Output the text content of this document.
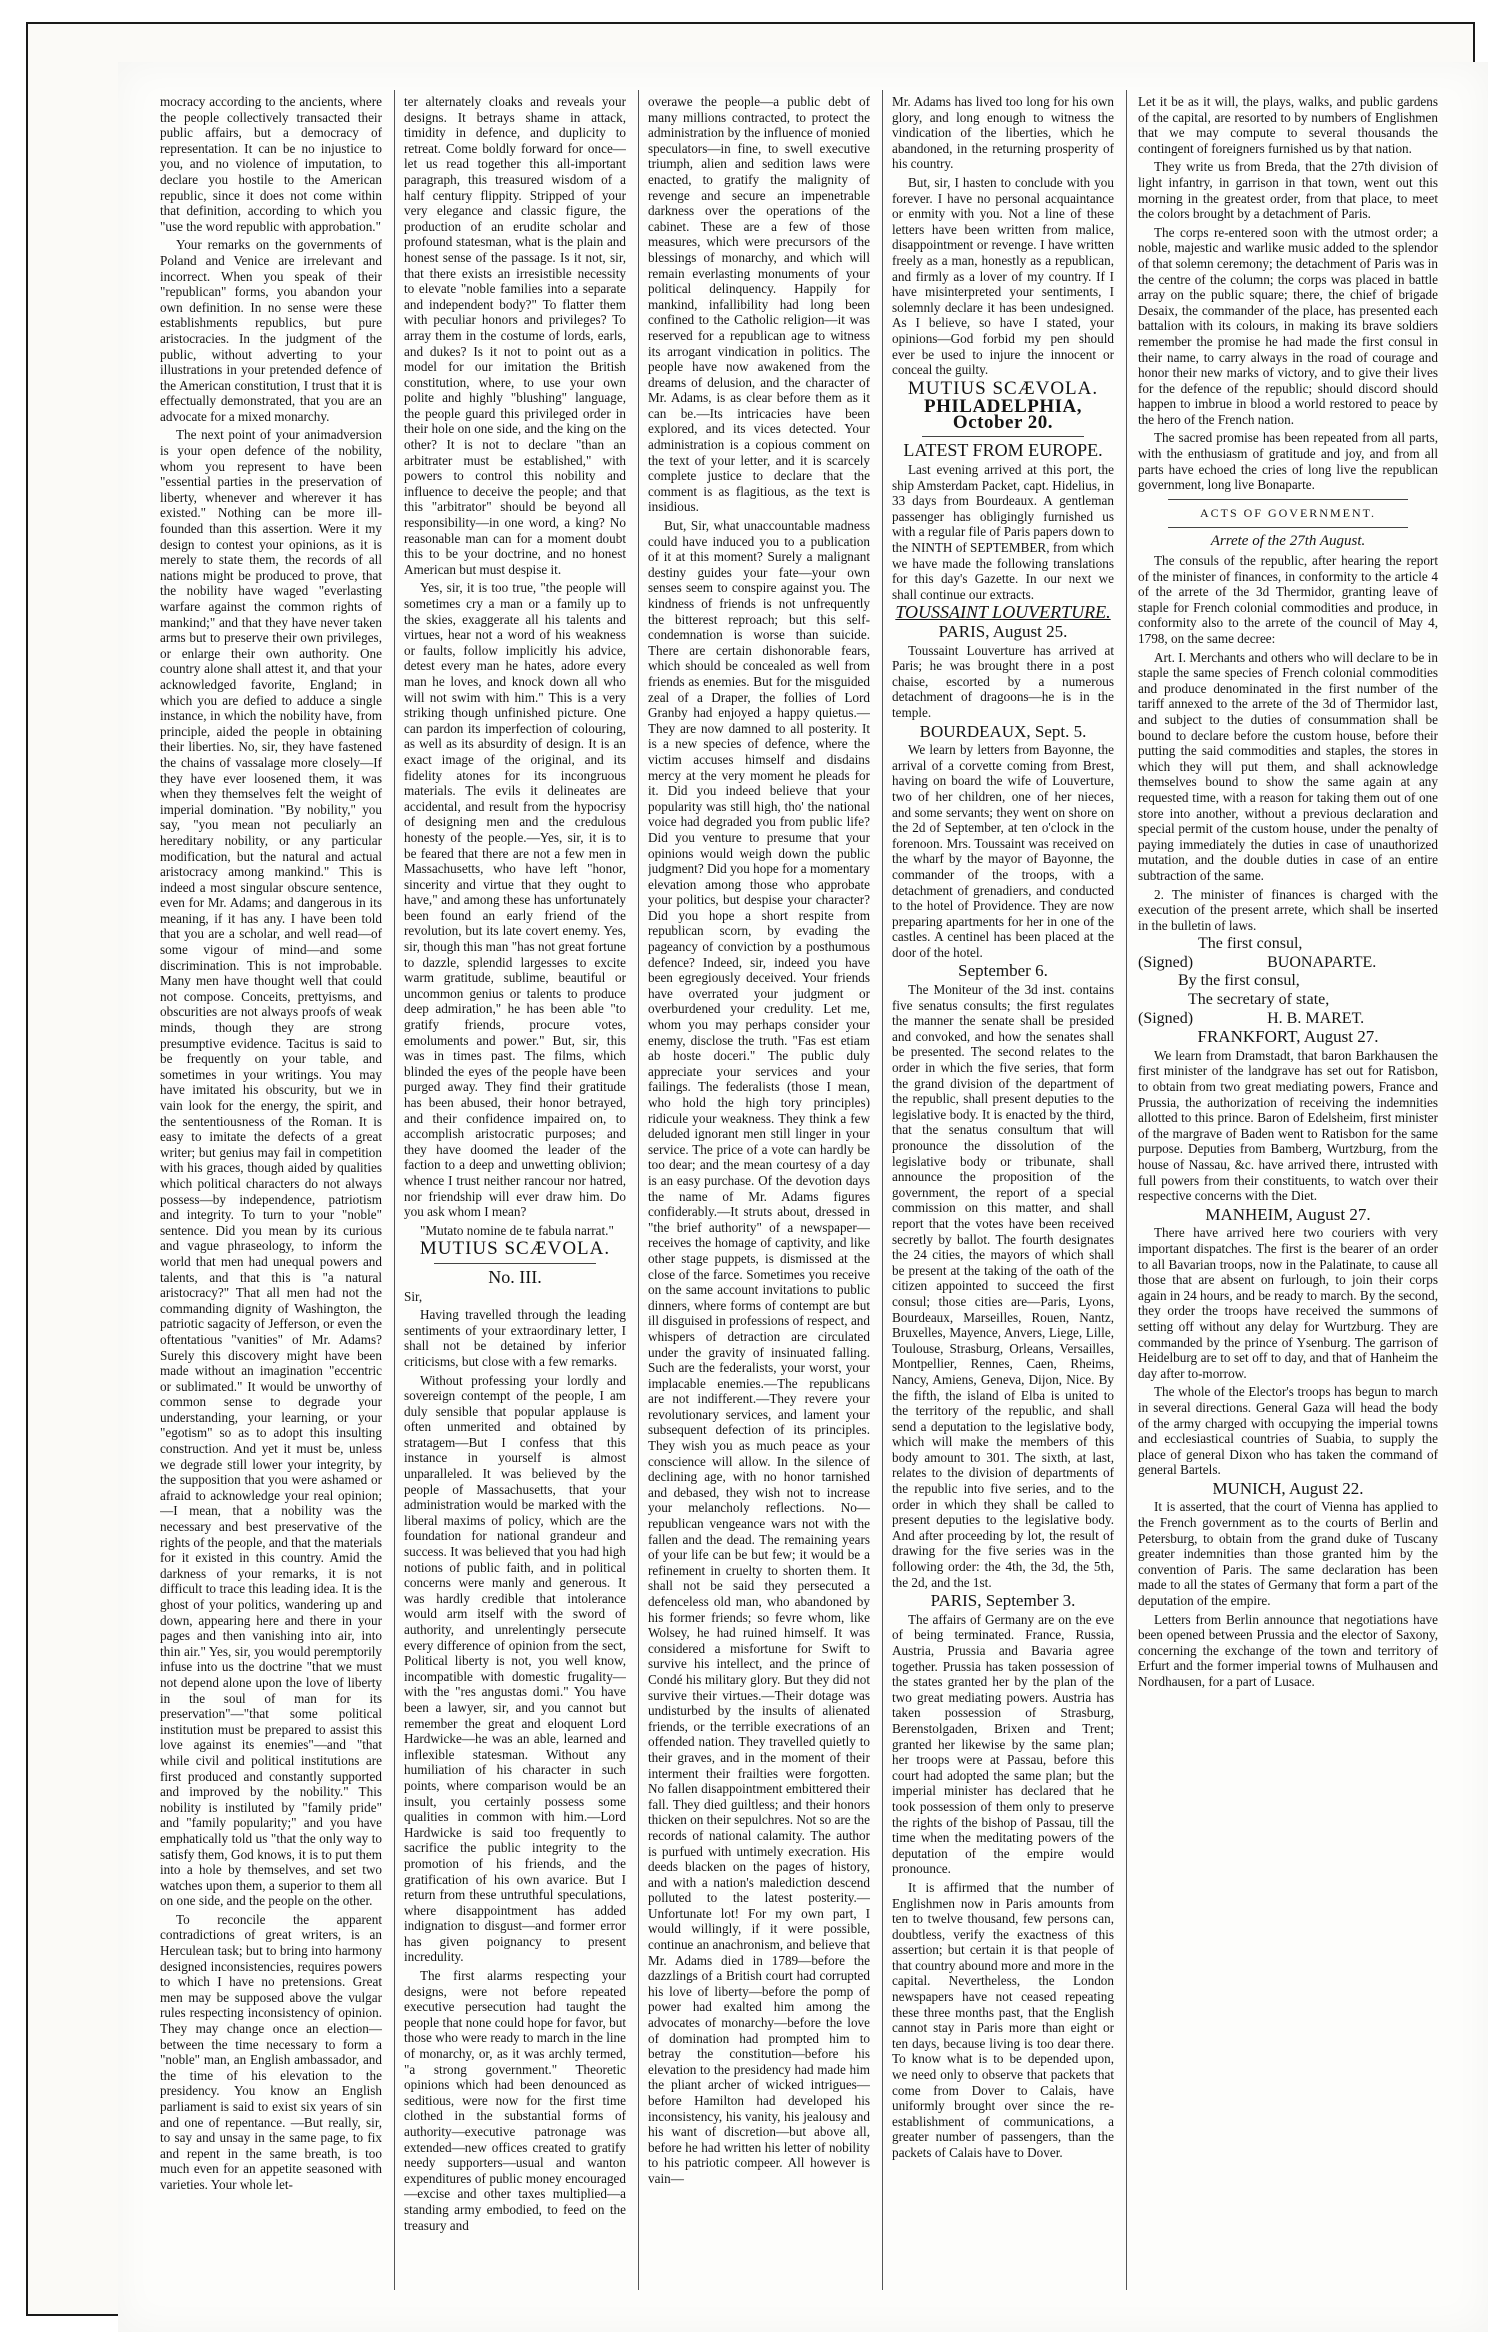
mocracy according to the ancients, where the people collectively transacted their public affairs, but a democracy of representation. It can be no injustice to you, and no violence of imputation, to declare you hostile to the American republic, since it does not come within that definition, according to which you "use the word republic with approbation."

Your remarks on the governments of Poland and Venice are irrelevant and incorrect. When you speak of their "republican" forms, you abandon your own definition. In no sense were these establishments republics, but pure aristocracies. In the judgment of the public, without adverting to your illustrations in your pretended defence of the American constitution, I trust that it is effectually demonstrated, that you are an advocate for a mixed monarchy.

The next point of your animadversion is your open defence of the nobility, whom you represent to have been "essential parties in the preservation of liberty, whenever and wherever it has existed." Nothing can be more ill-founded than this assertion. Were it my design to contest your opinions, as it is merely to state them, the records of all nations might be produced to prove, that the nobility have waged "everlasting warfare against the common rights of mankind;" and that they have never taken arms but to preserve their own privileges, or enlarge their own authority. One country alone shall attest it, and that your acknowledged favorite, England; in which you are defied to adduce a single instance, in which the nobility have, from principle, aided the people in obtaining their liberties. No, sir, they have fastened the chains of vassalage more closely—If they have ever loosened them, it was when they themselves felt the weight of imperial domination. "By nobility," you say, "you mean not peculiarly an hereditary nobility, or any particular modification, but the natural and actual aristocracy among mankind." This is indeed a most singular obscure sentence, even for Mr. Adams; and dangerous in its meaning, if it has any. I have been told that you are a scholar, and well read—of some vigour of mind—and some discrimination. This is not improbable. Many men have thought well that could not compose. Conceits, prettyisms, and obscurities are not always proofs of weak minds, though they are strong presumptive evidence. Tacitus is said to be frequently on your table, and sometimes in your writings. You may have imitated his obscurity, but we in vain look for the energy, the spirit, and the sententiousness of the Roman. It is easy to imitate the defects of a great writer; but genius may fail in competition with his graces, though aided by qualities which political characters do not always possess—by independence, patriotism and integrity. To turn to your "noble" sentence. Did you mean by its curious and vague phraseology, to inform the world that men had unequal powers and talents, and that this is "a natural aristocracy?" That all men had not the commanding dignity of Washington, the patriotic sagacity of Jefferson, or even the oftentatious "vanities" of Mr. Adams? Surely this discovery might have been made without an imagination "eccentric or sublimated." It would be unworthy of common sense to degrade your understanding, your learning, or your "egotism" so as to adopt this insulting construction. And yet it must be, unless we degrade still lower your integrity, by the supposition that you were ashamed or afraid to acknowledge your real opinion;—I mean, that a nobility was the necessary and best preservative of the rights of the people, and that the materials for it existed in this country. Amid the darkness of your remarks, it is not difficult to trace this leading idea. It is the ghost of your politics, wandering up and down, appearing here and there in your pages and then vanishing into air, into thin air." Yes, sir, you would peremptorily infuse into us the doctrine "that we must not depend alone upon the love of liberty in the soul of man for its preservation"—"that some political institution must be prepared to assist this love against its enemies"—and "that while civil and political institutions are first produced and constantly supported and improved by the nobility." This nobility is instiluted by "family pride" and "family popularity;" and you have emphatically told us "that the only way to satisfy them, God knows, it is to put them into a hole by themselves, and set two watches upon them, a superior to them all on one side, and the people on the other.

To reconcile the apparent contradictions of great writers, is an Herculean task; but to bring into harmony designed inconsistencies, requires powers to which I have no pretensions. Great men may be supposed above the vulgar rules respecting inconsistency of opinion. They may change once an election—between the time necessary to form a "noble" man, an English ambassador, and the time of his elevation to the presidency. You know an English parliament is said to exist six years of sin and one of repentance. —But really, sir, to say and unsay in the same page, to fix and repent in the same breath, is too much even for an appetite seasoned with varieties. Your whole let-

ter alternately cloaks and reveals your designs. It betrays shame in attack, timidity in defence, and duplicity to retreat. Come boldly forward for once—let us read together this all-important paragraph, this treasured wisdom of a half century flippity. Stripped of your very elegance and classic figure, the production of an erudite scholar and profound statesman, what is the plain and honest sense of the passage. Is it not, sir, that there exists an irresistible necessity to elevate "noble families into a separate and independent body?" To flatter them with peculiar honors and privileges? To array them in the costume of lords, earls, and dukes? Is it not to point out as a model for our imitation the British constitution, where, to use your own polite and highly "blushing" language, the people guard this privileged order in their hole on one side, and the king on the other? It is not to declare "than an arbitrater must be established," with powers to control this nobility and influence to deceive the people; and that this "arbitrator" should be beyond all responsibility—in one word, a king? No reasonable man can for a moment doubt this to be your doctrine, and no honest American but must despise it.

Yes, sir, it is too true, "the people will sometimes cry a man or a family up to the skies, exaggerate all his talents and virtues, hear not a word of his weakness or faults, follow implicitly his advice, detest every man he hates, adore every man he loves, and knock down all who will not swim with him." This is a very striking though unfinished picture. One can pardon its imperfection of colouring, as well as its absurdity of design. It is an exact image of the original, and its fidelity atones for its incongruous materials. The evils it delineates are accidental, and result from the hypocrisy of designing men and the credulous honesty of the people.—Yes, sir, it is to be feared that there are not a few men in Massachusetts, who have left "honor, sincerity and virtue that they ought to have," and among these has unfortunately been found an early friend of the revolution, but its late covert enemy. Yes, sir, though this man "has not great fortune to dazzle, splendid largesses to excite warm gratitude, sublime, beautiful or uncommon genius or talents to produce deep admiration," he has been able "to gratify friends, procure votes, emoluments and power." But, sir, this was in times past. The films, which blinded the eyes of the people have been purged away. They find their gratitude has been abused, their honor betrayed, and their confidence impaired on, to accomplish aristocratic purposes; and they have doomed the leader of the faction to a deep and unwetting oblivion; whence I trust neither rancour nor hatred, nor friendship will ever draw him. Do you ask whom I mean?

"Mutato nomine de te fabula narrat."

MUTIUS SCÆVOLA.

No. III.

Sir,

Having travelled through the leading sentiments of your extraordinary letter, I shall not be detained by inferior criticisms, but close with a few remarks.

Without professing your lordly and sovereign contempt of the people, I am duly sensible that popular applause is often unmerited and obtained by stratagem—But I confess that this instance in yourself is almost unparalleled. It was believed by the people of Massachusetts, that your administration would be marked with the liberal maxims of policy, which are the foundation for national grandeur and success. It was believed that you had high notions of public faith, and in political concerns were manly and generous. It was hardly credible that intolerance would arm itself with the sword of authority, and unrelentingly persecute every difference of opinion from the sect, Political liberty is not, you well know, incompatible with domestic frugality—with the "res angustas domi." You have been a lawyer, sir, and you cannot but remember the great and eloquent Lord Hardwicke—he was an able, learned and inflexible statesman. Without any humiliation of his character in such points, where comparison would be an insult, you certainly possess some qualities in common with him.—Lord Hardwicke is said too frequently to sacrifice the public integrity to the promotion of his friends, and the gratification of his own avarice. But I return from these untruthful speculations, where disappointment has added indignation to disgust—and former error has given poignancy to present incredulity.

The first alarms respecting your designs, were not before repeated executive persecution had taught the people that none could hope for favor, but those who were ready to march in the line of monarchy, or, as it was archly termed, "a strong government." Theoretic opinions which had been denounced as seditious, were now for the first time clothed in the substantial forms of authority—executive patronage was extended—new offices created to gratify needy supporters—usual and wanton expenditures of public money encouraged—excise and other taxes multiplied—a standing army embodied, to feed on the treasury and

overawe the people—a public debt of many millions contracted, to protect the administration by the influence of monied speculators—in fine, to swell executive triumph, alien and sedition laws were enacted, to gratify the malignity of revenge and secure an impenetrable darkness over the operations of the cabinet. These are a few of those measures, which were precursors of the blessings of monarchy, and which will remain everlasting monuments of your political delinquency. Happily for mankind, infallibility had long been confined to the Catholic religion—it was reserved for a republican age to witness its arrogant vindication in politics. The people have now awakened from the dreams of delusion, and the character of Mr. Adams, is as clear before them as it can be.—Its intricacies have been explored, and its vices detected. Your administration is a copious comment on the text of your letter, and it is scarcely complete justice to declare that the comment is as flagitious, as the text is insidious.

But, Sir, what unaccountable madness could have induced you to a publication of it at this moment? Surely a malignant destiny guides your fate—your own senses seem to conspire against you. The kindness of friends is not unfrequently the bitterest reproach; but this self-condemnation is worse than suicide. There are certain dishonorable fears, which should be concealed as well from friends as enemies. But for the misguided zeal of a Draper, the follies of Lord Granby had enjoyed a happy quietus.—They are now damned to all posterity. It is a new species of defence, where the victim accuses himself and disdains mercy at the very moment he pleads for it. Did you indeed believe that your popularity was still high, tho' the national voice had degraded you from public life? Did you venture to presume that your opinions would weigh down the public judgment? Did you hope for a momentary elevation among those who approbate your politics, but despise your character? Did you hope a short respite from republican scorn, by evading the pageancy of conviction by a posthumous defence? Indeed, sir, indeed you have been egregiously deceived. Your friends have overrated your judgment or overburdened your credulity. Let me, whom you may perhaps consider your enemy, disclose the truth. "Fas est etiam ab hoste doceri." The public duly appreciate your services and your failings. The federalists (those I mean, who hold the high tory principles) ridicule your weakness. They think a few deluded ignorant men still linger in your service. The price of a vote can hardly be too dear; and the mean courtesy of a day is an easy purchase. Of the devotion days the name of Mr. Adams figures confiderably.—It struts about, dressed in "the brief authority" of a newspaper—receives the homage of captivity, and like other stage puppets, is dismissed at the close of the farce. Sometimes you receive on the same account invitations to public dinners, where forms of contempt are but ill disguised in professions of respect, and whispers of detraction are circulated under the gravity of insinuated falling. Such are the federalists, your worst, your implacable enemies.—The republicans are not indifferent.—They revere your revolutionary services, and lament your subsequent defection of its principles. They wish you as much peace as your conscience will allow. In the silence of declining age, with no honor tarnished and debased, they wish not to increase your melancholy reflections. No—republican vengeance wars not with the fallen and the dead. The remaining years of your life can be but few; it would be a refinement in cruelty to shorten them. It shall not be said they persecuted a defenceless old man, who abandoned by his former friends; so fevre whom, like Wolsey, he had ruined himself. It was considered a misfortune for Swift to survive his intellect, and the prince of Condé his military glory. But they did not survive their virtues.—Their dotage was undisturbed by the insults of alienated friends, or the terrible execrations of an offended nation. They travelled quietly to their graves, and in the moment of their interment their frailties were forgotten. No fallen disappointment embittered their fall. They died guiltless; and their honors thicken on their sepulchres. Not so are the records of national calamity. The author is purfued with untimely execration. His deeds blacken on the pages of history, and with a nation's malediction descend polluted to the latest posterity.—Unfortunate lot! For my own part, I would willingly, if it were possible, continue an anachronism, and believe that Mr. Adams died in 1789—before the dazzlings of a British court had corrupted his love of liberty—before the pomp of power had exalted him among the advocates of monarchy—before the love of domination had prompted him to betray the constitution—before his elevation to the presidency had made him the pliant archer of wicked intrigues—before Hamilton had developed his inconsistency, his vanity, his jealousy and his want of discretion—but above all, before he had written his letter of nobility to his patriotic compeer. All however is vain—

Mr. Adams has lived too long for his own glory, and long enough to witness the vindication of the liberties, which he abandoned, in the returning prosperity of his country.

But, sir, I hasten to conclude with you forever. I have no personal acquaintance or enmity with you. Not a line of these letters have been written from malice, disappointment or revenge. I have written freely as a man, honestly as a republican, and firmly as a lover of my country. If I have misinterpreted your sentiments, I solemnly declare it has been undesigned. As I believe, so have I stated, your opinions—God forbid my pen should ever be used to injure the innocent or conceal the guilty.

MUTIUS SCÆVOLA.

PHILADELPHIA, October 20.

LATEST FROM EUROPE.

Last evening arrived at this port, the ship Amsterdam Packet, capt. Hidelius, in 33 days from Bourdeaux. A gentleman passenger has obligingly furnished us with a regular file of Paris papers down to the NINTH of SEPTEMBER, from which we have made the following translations for this day's Gazette. In our next we shall continue our extracts.

TOUSSAINT LOUVERTURE.

PARIS, August 25.

Toussaint Louverture has arrived at Paris; he was brought there in a post chaise, escorted by a numerous detachment of dragoons—he is in the temple.

BOURDEAUX, Sept. 5.

We learn by letters from Bayonne, the arrival of a corvette coming from Brest, having on board the wife of Louverture, two of her children, one of her nieces, and some servants; they went on shore on the 2d of September, at ten o'clock in the forenoon. Mrs. Toussaint was received on the wharf by the mayor of Bayonne, the commander of the troops, with a detachment of grenadiers, and conducted to the hotel of Providence. They are now preparing apartments for her in one of the castles. A centinel has been placed at the door of the hotel.

September 6.

The Moniteur of the 3d inst. contains five senatus consults; the first regulates the manner the senate shall be presided and convoked, and how the senates shall be presented. The second relates to the order in which the five series, that form the grand division of the department of the republic, shall present deputies to the legislative body. It is enacted by the third, that the senatus consultum that will pronounce the dissolution of the legislative body or tribunate, shall announce the proposition of the government, the report of a special commission on this matter, and shall report that the votes have been received secretly by ballot. The fourth designates the 24 cities, the mayors of which shall be present at the taking of the oath of the citizen appointed to succeed the first consul; those cities are—Paris, Lyons, Bourdeaux, Marseilles, Rouen, Nantz, Bruxelles, Mayence, Anvers, Liege, Lille, Toulouse, Strasburg, Orleans, Versailles, Montpellier, Rennes, Caen, Rheims, Nancy, Amiens, Geneva, Dijon, Nice. By the fifth, the island of Elba is united to the territory of the republic, and shall send a deputation to the legislative body, which will make the members of this body amount to 301. The sixth, at last, relates to the division of departments of the republic into five series, and to the order in which they shall be called to present deputies to the legislative body. And after proceeding by lot, the result of drawing for the five series was in the following order: the 4th, the 3d, the 5th, the 2d, and the 1st.

PARIS, September 3.

The affairs of Germany are on the eve of being terminated. France, Russia, Austria, Prussia and Bavaria agree together. Prussia has taken possession of the states granted her by the plan of the two great mediating powers. Austria has taken possession of Strasburg, Berenstolgaden, Brixen and Trent; granted her likewise by the same plan; her troops were at Passau, before this court had adopted the same plan; but the imperial minister has declared that he took possession of them only to preserve the rights of the bishop of Passau, till the time when the meditating powers of the deputation of the empire would pronounce.

It is affirmed that the number of Englishmen now in Paris amounts from ten to twelve thousand, few persons can, doubtless, verify the exactness of this assertion; but certain it is that people of that country abound more and more in the capital. Nevertheless, the London newspapers have not ceased repeating these three months past, that the English cannot stay in Paris more than eight or ten days, because living is too dear there. To know what is to be depended upon, we need only to observe that packets that come from Dover to Calais, have uniformly brought over since the re-establishment of communications, a greater number of passengers, than the packets of Calais have to Dover.

Let it be as it will, the plays, walks, and public gardens of the capital, are resorted to by numbers of Englishmen that we may compute to several thousands the contingent of foreigners furnished us by that nation.

They write us from Breda, that the 27th division of light infantry, in garrison in that town, went out this morning in the greatest order, from that place, to meet the colors brought by a detachment of Paris.

The corps re-entered soon with the utmost order; a noble, majestic and warlike music added to the splendor of that solemn ceremony; the detachment of Paris was in the centre of the column; the corps was placed in battle array on the public square; there, the chief of brigade Desaix, the commander of the place, has presented each battalion with its colours, in making its brave soldiers remember the promise he had made the first consul in their name, to carry always in the road of courage and honor their new marks of victory, and to give their lives for the defence of the republic; should discord should happen to imbrue in blood a world restored to peace by the hero of the French nation.

The sacred promise has been repeated from all parts, with the enthusiasm of gratitude and joy, and from all parts have echoed the cries of long live the republican government, long live Bonaparte.

ACTS OF GOVERNMENT.

Arrete of the 27th August.

The consuls of the republic, after hearing the report of the minister of finances, in conformity to the article 4 of the arrete of the 3d Thermidor, granting leave of staple for French colonial commodities and produce, in conformity also to the arrete of the council of May 4, 1798, on the same decree:

Art. I. Merchants and others who will declare to be in staple the same species of French colonial commodities and produce denominated in the first number of the tariff annexed to the arrete of the 3d of Thermidor last, and subject to the duties of consummation shall be bound to declare before the custom house, before their putting the said commodities and staples, the stores in which they will put them, and shall acknowledge themselves bound to show the same again at any requested time, with a reason for taking them out of one store into another, without a previous declaration and special permit of the custom house, under the penalty of paying immediately the duties in case of unauthorized mutation, and the double duties in case of an entire subtraction of the same.

2. The minister of finances is charged with the execution of the present arrete, which shall be inserted in the bulletin of laws.

The first consul,

(Signed)	BUONAPARTE.

By the first consul,

The secretary of state,

(Signed)	H. B. MARET.

FRANKFORT, August 27.

We learn from Dramstadt, that baron Barkhausen the first minister of the landgrave has set out for Ratisbon, to obtain from two great mediating powers, France and Prussia, the authorization of receiving the indemnities allotted to this prince. Baron of Edelsheim, first minister of the margrave of Baden went to Ratisbon for the same purpose. Deputies from Bamberg, Wurtzburg, from the house of Nassau, &c. have arrived there, intrusted with full powers from their constituents, to watch over their respective concerns with the Diet.

MANHEIM, August 27.

There have arrived here two couriers with very important dispatches. The first is the bearer of an order to all Bavarian troops, now in the Palatinate, to cause all those that are absent on furlough, to join their corps again in 24 hours, and be ready to march. By the second, they order the troops have received the summons of setting off without any delay for Wurtzburg. They are commanded by the prince of Ysenburg. The garrison of Heidelburg are to set off to day, and that of Hanheim the day after to-morrow.

The whole of the Elector's troops has begun to march in several directions. General Gaza will head the body of the army charged with occupying the imperial towns and ecclesiastical countries of Suabia, to supply the place of general Dixon who has taken the command of general Bartels.

MUNICH, August 22.

It is asserted, that the court of Vienna has applied to the French government as to the courts of Berlin and Petersburg, to obtain from the grand duke of Tuscany greater indemnities than those granted him by the convention of Paris. The same declaration has been made to all the states of Germany that form a part of the deputation of the empire.

Letters from Berlin announce that negotiations have been opened between Prussia and the elector of Saxony, concerning the exchange of the town and territory of Erfurt and the former imperial towns of Mulhausen and Nordhausen, for a part of Lusace.
